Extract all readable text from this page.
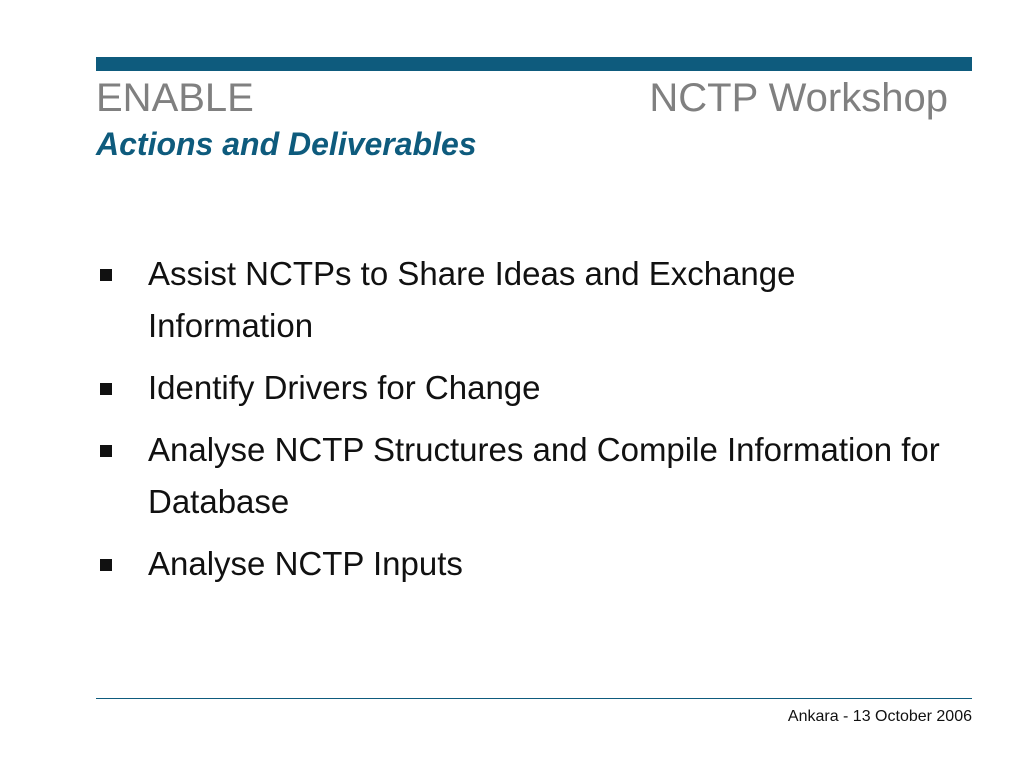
ENABLE	NCTP Workshop
Actions and Deliverables
Assist NCTPs to Share Ideas and Exchange Information
Identify Drivers for Change
Analyse NCTP Structures and Compile Information for Database
Analyse NCTP Inputs
Ankara - 13 October 2006
